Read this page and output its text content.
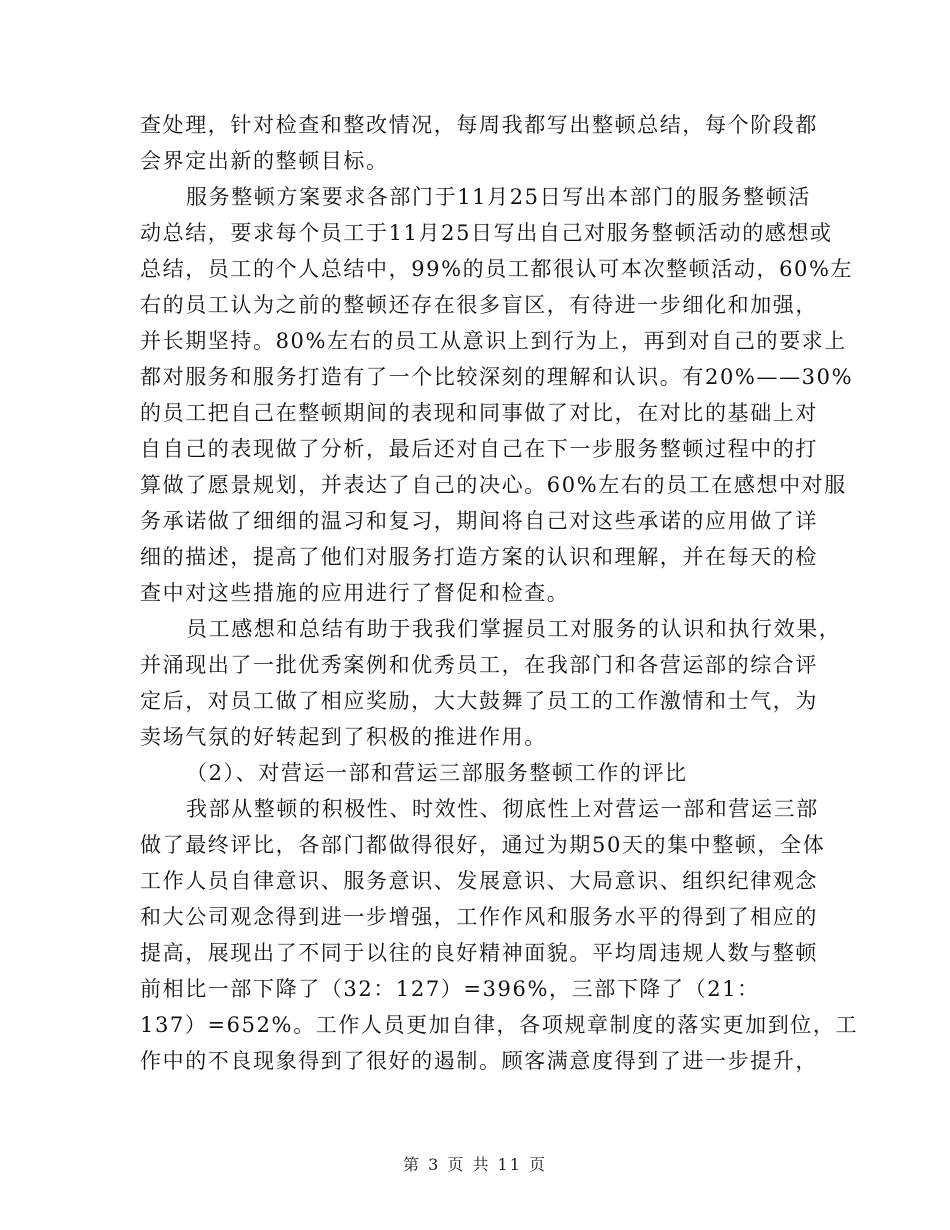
查处理，针对检查和整改情况，每周我都写出整顿总结，每个阶段都
会界定出新的整顿目标。
服务整顿方案要求各部门于11月25日写出本部门的服务整顿活
动总结，要求每个员工于11月25日写出自己对服务整顿活动的感想或
总结，员工的个人总结中，99%的员工都很认可本次整顿活动，60%左
右的员工认为之前的整顿还存在很多盲区，有待进一步细化和加强，
并长期坚持。80%左右的员工从意识上到行为上，再到对自己的要求上
都对服务和服务打造有了一个比较深刻的理解和认识。有20%——30%
的员工把自己在整顿期间的表现和同事做了对比，在对比的基础上对
自自己的表现做了分析，最后还对自己在下一步服务整顿过程中的打
算做了愿景规划，并表达了自己的决心。60%左右的员工在感想中对服
务承诺做了细细的温习和复习，期间将自己对这些承诺的应用做了详
细的描述，提高了他们对服务打造方案的认识和理解，并在每天的检
查中对这些措施的应用进行了督促和检查。
员工感想和总结有助于我我们掌握员工对服务的认识和执行效果，
并涌现出了一批优秀案例和优秀员工，在我部门和各营运部的综合评
定后，对员工做了相应奖励，大大鼓舞了员工的工作激情和士气，为
卖场气氛的好转起到了积极的推进作用。
（2）、对营运一部和营运三部服务整顿工作的评比
我部从整顿的积极性、时效性、彻底性上对营运一部和营运三部
做了最终评比，各部门都做得很好，通过为期50天的集中整顿，全体
工作人员自律意识、服务意识、发展意识、大局意识、组织纪律观念
和大公司观念得到进一步增强，工作作风和服务水平的得到了相应的
提高，展现出了不同于以往的良好精神面貌。平均周违规人数与整顿
前相比一部下降了（32：127）=396%，三部下降了（21：
137）=652%。工作人员更加自律，各项规章制度的落实更加到位，工
作中的不良现象得到了很好的遏制。顾客满意度得到了进一步提升，
第 3 页 共 11 页
